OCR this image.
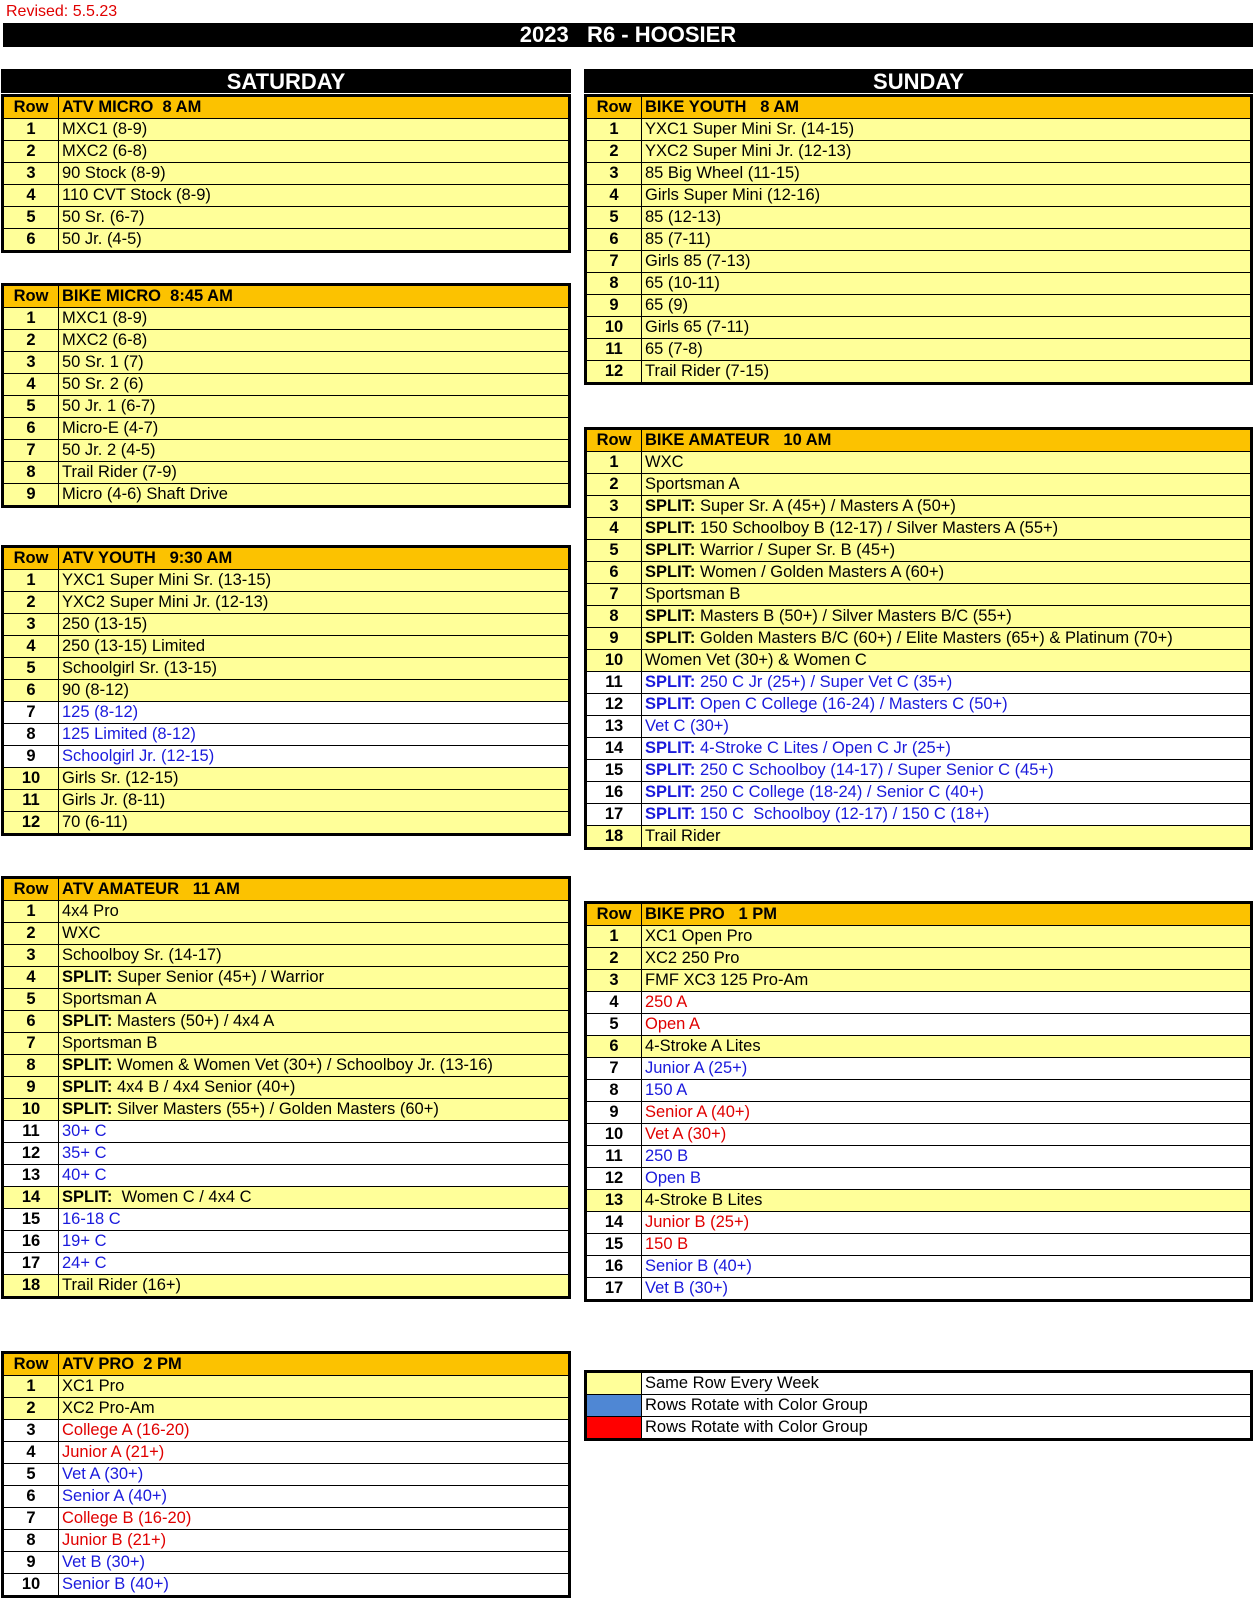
Revised: 5.5.23
2023   R6 - HOOSIER
SATURDAY	SUNDAY
Row	ATV MICRO  8 AM
1	MXC1 (8-9)
2	MXC2 (6-8)
3	90 Stock (8-9)
4	110 CVT Stock (8-9)
5	50 Sr. (6-7)
6	50 Jr. (4-5)
Row	BIKE MICRO  8:45 AM
1	MXC1 (8-9)
2	MXC2 (6-8)
3	50 Sr. 1 (7)
4	50 Sr. 2 (6)
5	50 Jr. 1 (6-7)
6	Micro-E (4-7)
7	50 Jr. 2 (4-5)
8	Trail Rider (7-9)
9	Micro (4-6) Shaft Drive
Row	ATV YOUTH   9:30 AM
1	YXC1 Super Mini Sr. (13-15)
2	YXC2 Super Mini Jr. (12-13)
3	250 (13-15)
4	250 (13-15) Limited
5	Schoolgirl Sr. (13-15)
6	90 (8-12)
7	125 (8-12)
8	125 Limited (8-12)
9	Schoolgirl Jr. (12-15)
10	Girls Sr. (12-15)
11	Girls Jr. (8-11)
12	70 (6-11)
Row	ATV AMATEUR   11 AM
1	4x4 Pro
2	WXC
3	Schoolboy Sr. (14-17)
4	SPLIT: Super Senior (45+) / Warrior
5	Sportsman A
6	SPLIT: Masters (50+) / 4x4 A
7	Sportsman B
8	SPLIT: Women & Women Vet (30+) / Schoolboy Jr. (13-16)
9	SPLIT: 4x4 B / 4x4 Senior (40+)
10	SPLIT: Silver Masters (55+) / Golden Masters (60+)
11	30+ C
12	35+ C
13	40+ C
14	SPLIT:  Women C / 4x4 C
15	16-18 C
16	19+ C
17	24+ C
18	Trail Rider (16+)
Row	ATV PRO  2 PM
1	XC1 Pro
2	XC2 Pro-Am
3	College A (16-20)
4	Junior A (21+)
5	Vet A (30+)
6	Senior A (40+)
7	College B (16-20)
8	Junior B (21+)
9	Vet B (30+)
10	Senior B (40+)
Row	BIKE YOUTH   8 AM
1	YXC1 Super Mini Sr. (14-15)
2	YXC2 Super Mini Jr. (12-13)
3	85 Big Wheel (11-15)
4	Girls Super Mini (12-16)
5	85 (12-13)
6	85 (7-11)
7	Girls 85 (7-13)
8	65 (10-11)
9	65 (9)
10	Girls 65 (7-11)
11	65 (7-8)
12	Trail Rider (7-15)
Row	BIKE AMATEUR   10 AM
1	WXC
2	Sportsman A
3	SPLIT: Super Sr. A (45+) / Masters A (50+)
4	SPLIT: 150 Schoolboy B (12-17) / Silver Masters A (55+)
5	SPLIT: Warrior / Super Sr. B (45+)
6	SPLIT: Women / Golden Masters A (60+)
7	Sportsman B
8	SPLIT: Masters B (50+) / Silver Masters B/C (55+)
9	SPLIT: Golden Masters B/C (60+) / Elite Masters (65+) & Platinum (70+)
10	Women Vet (30+) & Women C
11	SPLIT: 250 C Jr (25+) / Super Vet C (35+)
12	SPLIT: Open C College (16-24) / Masters C (50+)
13	Vet C (30+)
14	SPLIT: 4-Stroke C Lites / Open C Jr (25+)
15	SPLIT: 250 C Schoolboy (14-17) / Super Senior C (45+)
16	SPLIT: 250 C College (18-24) / Senior C (40+)
17	SPLIT: 150 C  Schoolboy (12-17) / 150 C (18+)
18	Trail Rider
Row	BIKE PRO   1 PM
1	XC1 Open Pro
2	XC2 250 Pro
3	FMF XC3 125 Pro-Am
4	250 A
5	Open A
6	4-Stroke A Lites
7	Junior A (25+)
8	150 A
9	Senior A (40+)
10	Vet A (30+)
11	250 B
12	Open B
13	4-Stroke B Lites
14	Junior B (25+)
15	150 B
16	Senior B (40+)
17	Vet B (30+)
	Same Row Every Week
	Rows Rotate with Color Group
	Rows Rotate with Color Group
